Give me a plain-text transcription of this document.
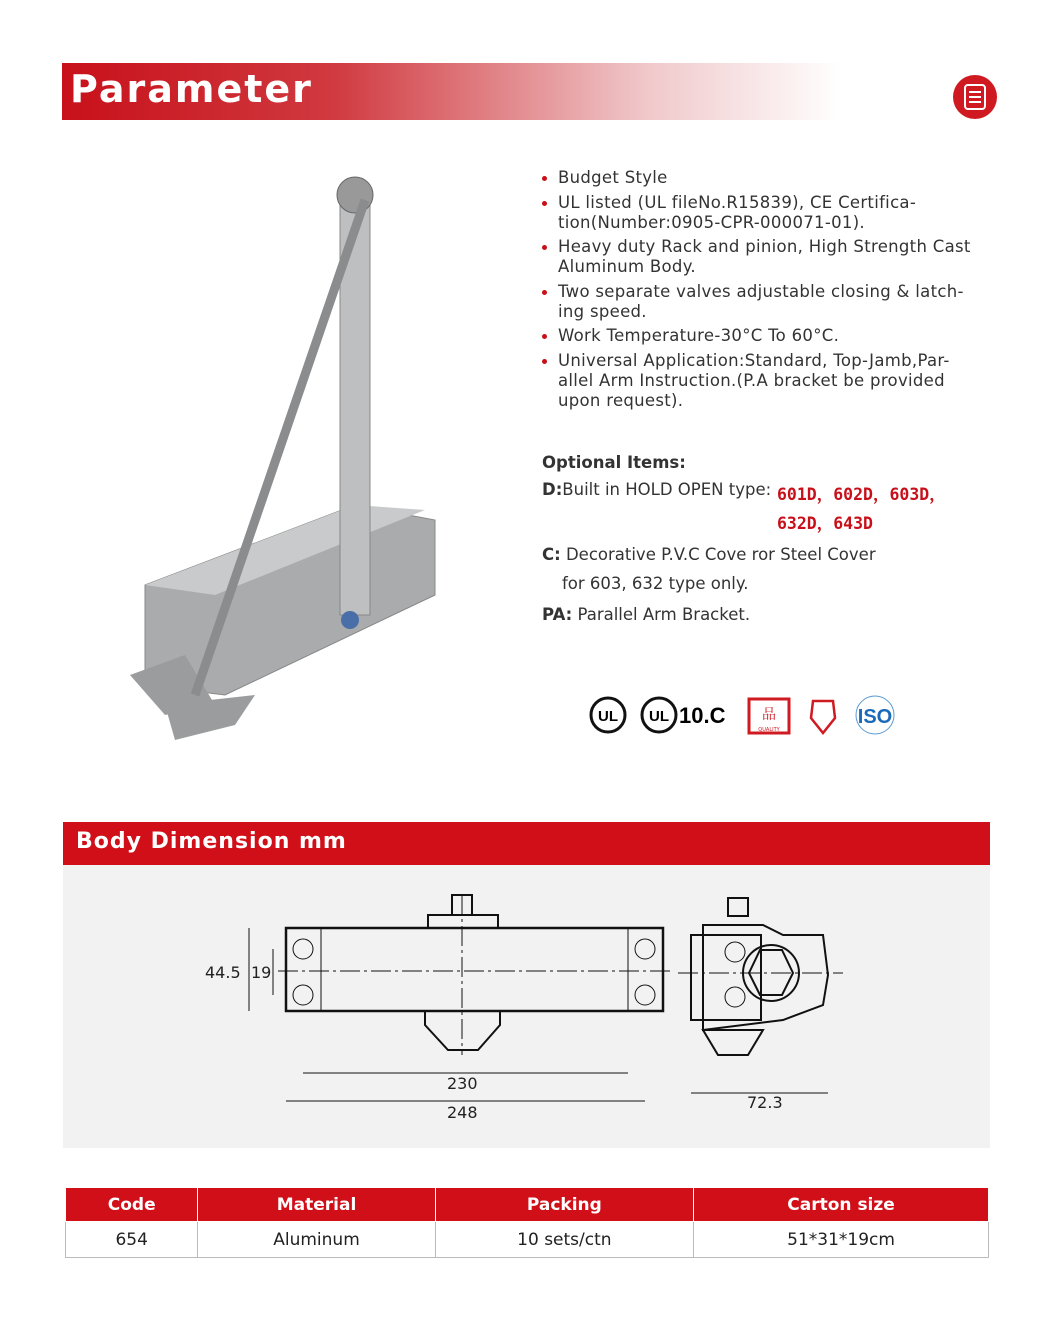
Parameter
Budget Style
UL listed (UL fileNo.R15839), CE Certifica-tion(Number:0905-CPR-000071-01).
Heavy duty Rack and pinion, High Strength Cast Aluminum Body.
Two separate valves adjustable closing & latch-ing speed.
Work Temperature-30°C To 60°C.
Universal Application:Standard, Top-Jamb,Par-allel Arm Instruction.(P.A bracket be provided upon request).
Optional Items:
D:Built in HOLD OPEN type: 601D，602D，603D，
632D，643D
C: Decorative P.V.C Cove ror Steel Cover
for 603, 632 type only.
PA: Parallel Arm Bracket.
UL UL 10.C	品
QUALITY
ISO
Body Dimension mm
44.5 19
230
248
72.3
Code	Material	Packing	Carton size
654	Aluminum	10 sets/ctn	51*31*19cm
